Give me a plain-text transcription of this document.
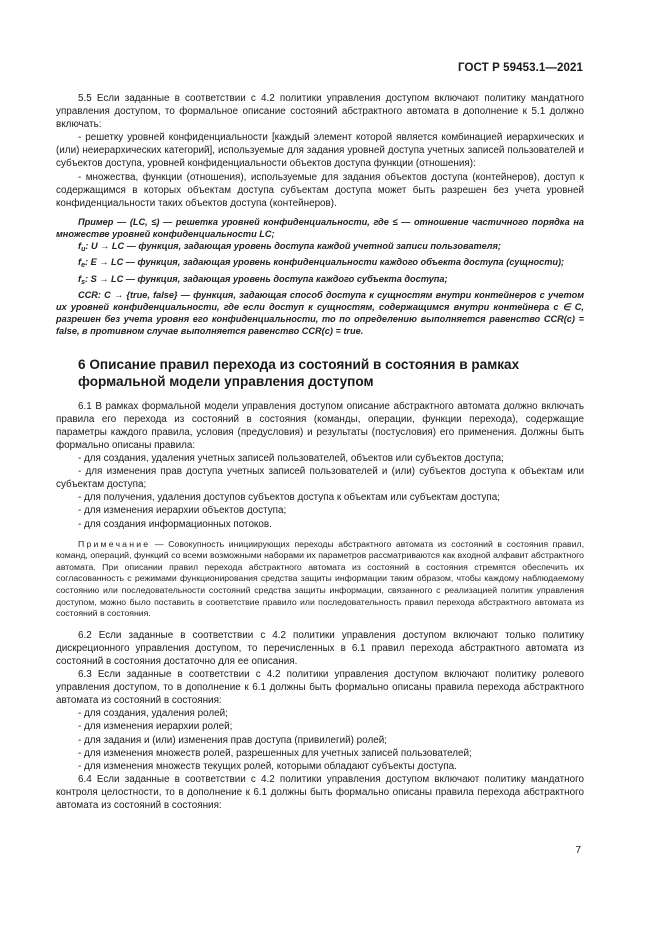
ГОСТ Р 59453.1—2021

5.5 Если заданные в соответствии с 4.2 политики управления доступом включают политику мандатного управления доступом, то формальное описание состояний абстрактного автомата в дополнение к 5.1 должно включать:

- решетку уровней конфиденциальности [каждый элемент которой является комбинацией иерархических и (или) неиерархических категорий], используемые для задания уровней доступа учетных записей пользователей и субъектов доступа, уровней конфиденциальности объектов доступа функции (отношения):

- множества, функции (отношения), используемые для задания объектов доступа (контейнеров), доступ к содержащимся в которых объектам доступа субъектам доступа может быть разрешен без учета уровней конфиденциальности таких объектов доступа (контейнеров).

Пример — (LC, ≤) — решетка уровней конфиденциальности, где ≤ — отношение частичного порядка на множестве уровней конфиденциальности LC;

$f_u$: U → LC — функция, задающая уровень доступа каждой учетной записи пользователя;

$f_e$: E → LC — функция, задающая уровень конфиденциальности каждого объекта доступа (сущности);

$f_s$: S → LC — функция, задающая уровень доступа каждого субъекта доступа;

CCR: C → {true, false} — функция, задающая способ доступа к сущностям внутри контейнеров с учетом их уровней конфиденциальности, где если доступ к сущностям, содержащимся внутри контейнера c ∈ C, разрешен без учета уровня его конфиденциальности, то по определению выполняется равенство CCR(c) = false, в противном случае выполняется равенство CCR(c) = true.

6 Описание правил перехода из состояний в состояния в рамках формальной модели управления доступом

6.1 В рамках формальной модели управления доступом описание абстрактного автомата должно включать правила его перехода из состояний в состояния (команды, операции, функции перехода), содержащие параметры каждого правила, условия (предусловия) и результаты (постусловия) его применения. Должны быть формально описаны правила:

- для создания, удаления учетных записей пользователей, объектов или субъектов доступа;

- для изменения прав доступа учетных записей пользователей и (или) субъектов доступа к объектам или субъектам доступа;

- для получения, удаления доступов субъектов доступа к объектам или субъектам доступа;

- для изменения иерархии объектов доступа;

- для создания информационных потоков.

Примечание — Совокупность инициирующих переходы абстрактного автомата из состояний в состояния правил, команд, операций, функций со всеми возможными наборами их параметров рассматриваются как входной алфавит абстрактного автомата. При описании правил перехода абстрактного автомата из состояний в состояния стремятся обеспечить их согласованность с режимами функционирования средства защиты информации таким образом, чтобы каждому наблюдаемому состоянию или последовательности состояний средства защиты информации, связанного с реализацией политик управления доступом, можно было поставить в соответствие правило или последовательность правил перехода абстрактного автомата из состояний в состояния.

6.2 Если заданные в соответствии с 4.2 политики управления доступом включают только политику дискреционного управления доступом, то перечисленных в 6.1 правил перехода абстрактного автомата из состояний в состояния достаточно для ее описания.

6.3 Если заданные в соответствии с 4.2 политики управления доступом включают политику ролевого управления доступом, то в дополнение к 6.1 должны быть формально описаны правила перехода абстрактного автомата из состояний в состояния:

- для создания, удаления ролей;

- для изменения иерархии ролей;

- для задания и (или) изменения прав доступа (привилегий) ролей;

- для изменения множеств ролей, разрешенных для учетных записей пользователей;

- для изменения множеств текущих ролей, которыми обладают субъекты доступа.

6.4 Если заданные в соответствии с 4.2 политики управления доступом включают политику мандатного контроля целостности, то в дополнение к 6.1 должны быть формально описаны правила перехода абстрактного автомата из состояний в состояния:

7
